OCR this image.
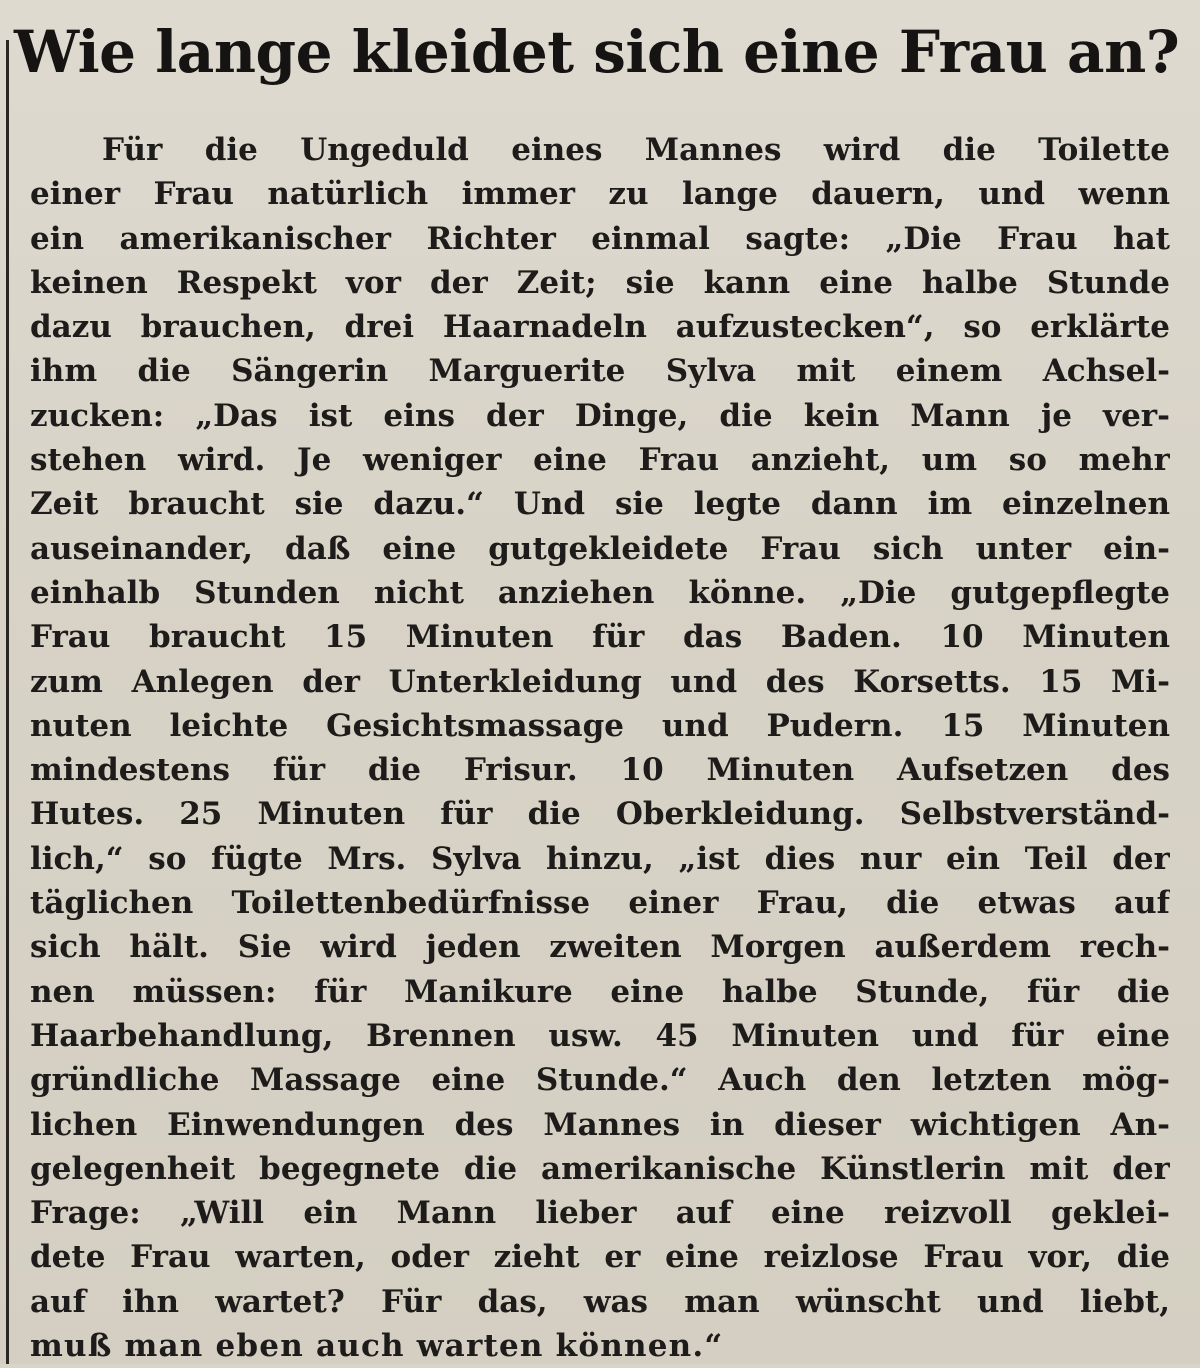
Wie lange kleidet sich eine Frau an?
Für die Ungeduld eines Mannes wird die Toilette
einer Frau natürlich immer zu lange dauern, und wenn
ein amerikanischer Richter einmal sagte: „Die Frau hat
keinen Respekt vor der Zeit; sie kann eine halbe Stunde
dazu brauchen, drei Haarnadeln aufzustecken“, so erklärte
ihm die Sängerin Marguerite Sylva mit einem Achsel-
zucken: „Das ist eins der Dinge, die kein Mann je ver-
stehen wird. Je weniger eine Frau anzieht, um so mehr
Zeit braucht sie dazu.“ Und sie legte dann im einzelnen
auseinander, daß eine gutgekleidete Frau sich unter ein-
einhalb Stunden nicht anziehen könne. „Die gutgepflegte
Frau braucht 15 Minuten für das Baden. 10 Minuten
zum Anlegen der Unterkleidung und des Korsetts. 15 Mi-
nuten leichte Gesichtsmassage und Pudern. 15 Minuten
mindestens für die Frisur. 10 Minuten Aufsetzen des
Hutes. 25 Minuten für die Oberkleidung. Selbstverständ-
lich,“ so fügte Mrs. Sylva hinzu, „ist dies nur ein Teil der
täglichen Toilettenbedürfnisse einer Frau, die etwas auf
sich hält. Sie wird jeden zweiten Morgen außerdem rech-
nen müssen: für Manikure eine halbe Stunde, für die
Haarbehandlung, Brennen usw. 45 Minuten und für eine
gründliche Massage eine Stunde.“ Auch den letzten mög-
lichen Einwendungen des Mannes in dieser wichtigen An-
gelegenheit begegnete die amerikanische Künstlerin mit der
Frage: „Will ein Mann lieber auf eine reizvoll geklei-
dete Frau warten, oder zieht er eine reizlose Frau vor, die
auf ihn wartet? Für das, was man wünscht und liebt,
muß man eben auch warten können.“
